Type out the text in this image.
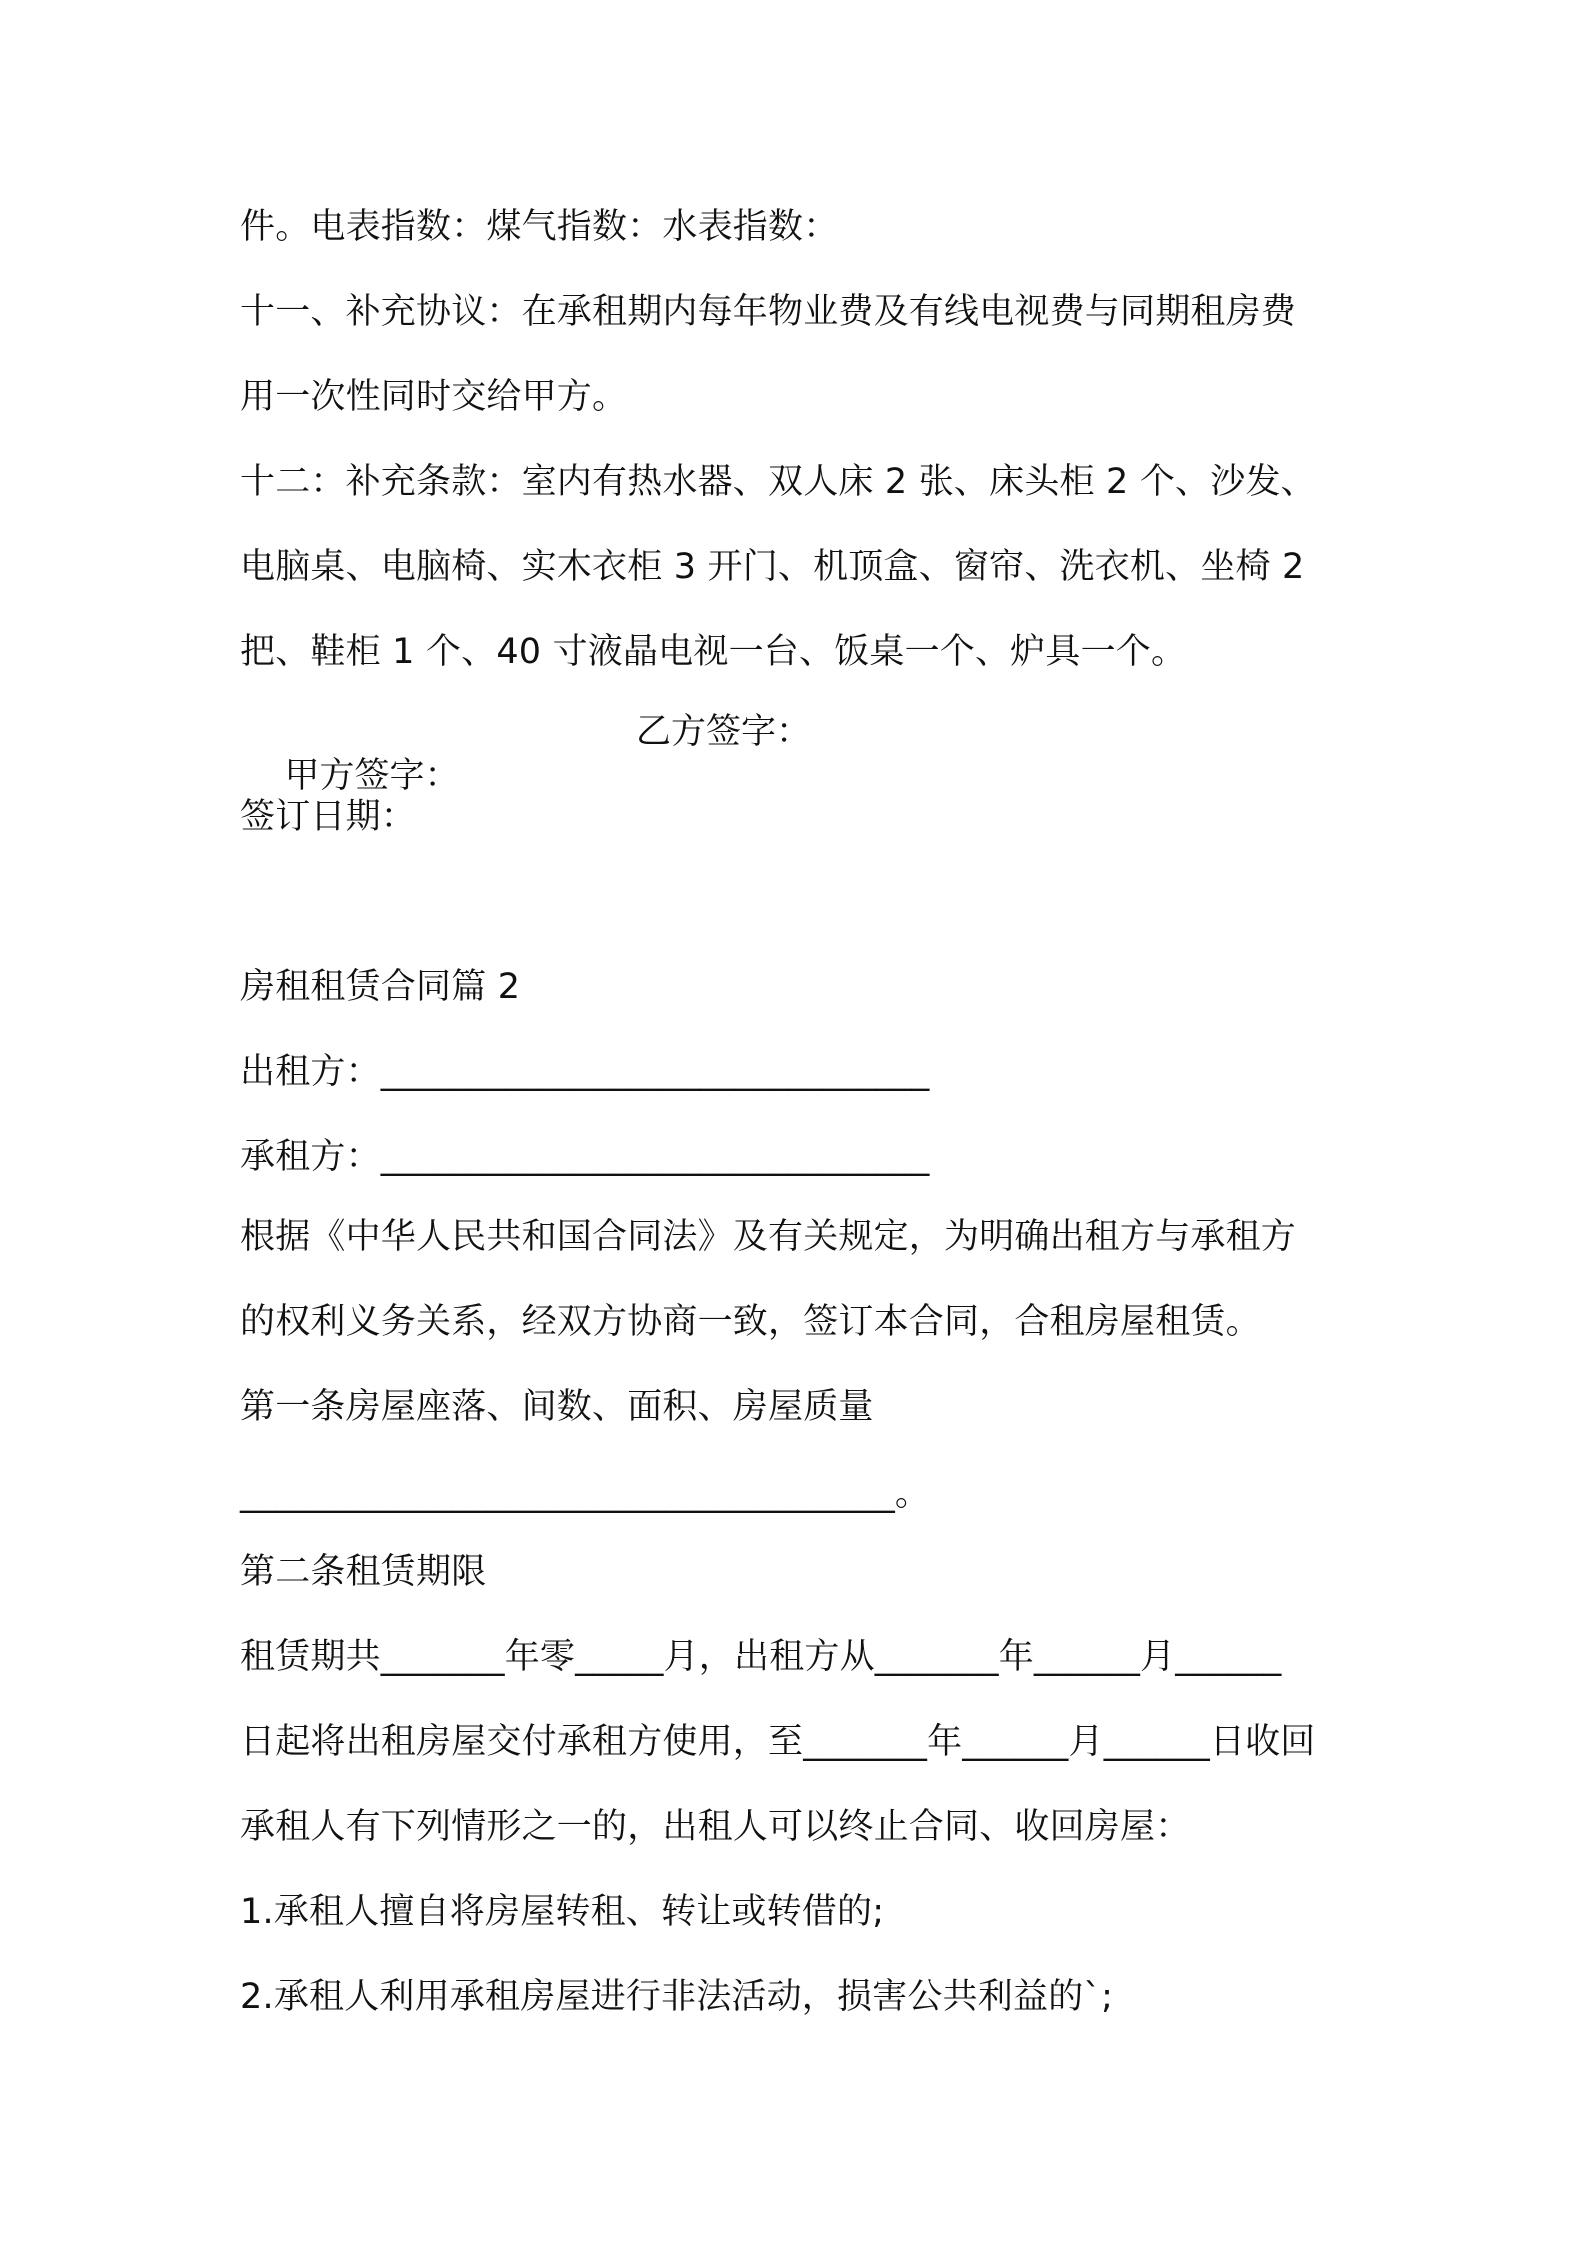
件。电表指数：煤气指数：水表指数：
十一、补充协议：在承租期内每年物业费及有线电视费与同期租房费
用一次性同时交给甲方。
十二：补充条款：室内有热水器、双人床 2 张、床头柜 2 个、沙发、
电脑桌、电脑椅、实木衣柜 3 开门、机顶盒、窗帘、洗衣机、坐椅 2
把、鞋柜 1 个、40 寸液晶电视一台、饭桌一个、炉具一个。

甲方签字：

乙方签字：

签订日期：
房租租赁合同篇 2
出租方：_______________________________
承租方：_______________________________
根据《中华人民共和国合同法》及有关规定，为明确出租方与承租方
的权利义务关系，经双方协商一致，签订本合同，合租房屋租赁。
第一条房屋座落、间数、面积、房屋质量
_____________________________________。
第二条租赁期限
租赁期共_______年零_____月，出租方从_______年______月______
日起将出租房屋交付承租方使用，至_______年______月______日收回
承租人有下列情形之一的，出租人可以终止合同、收回房屋：
1.承租人擅自将房屋转租、转让或转借的;
2.承租人利用承租房屋进行非法活动，损害公共利益的`;
